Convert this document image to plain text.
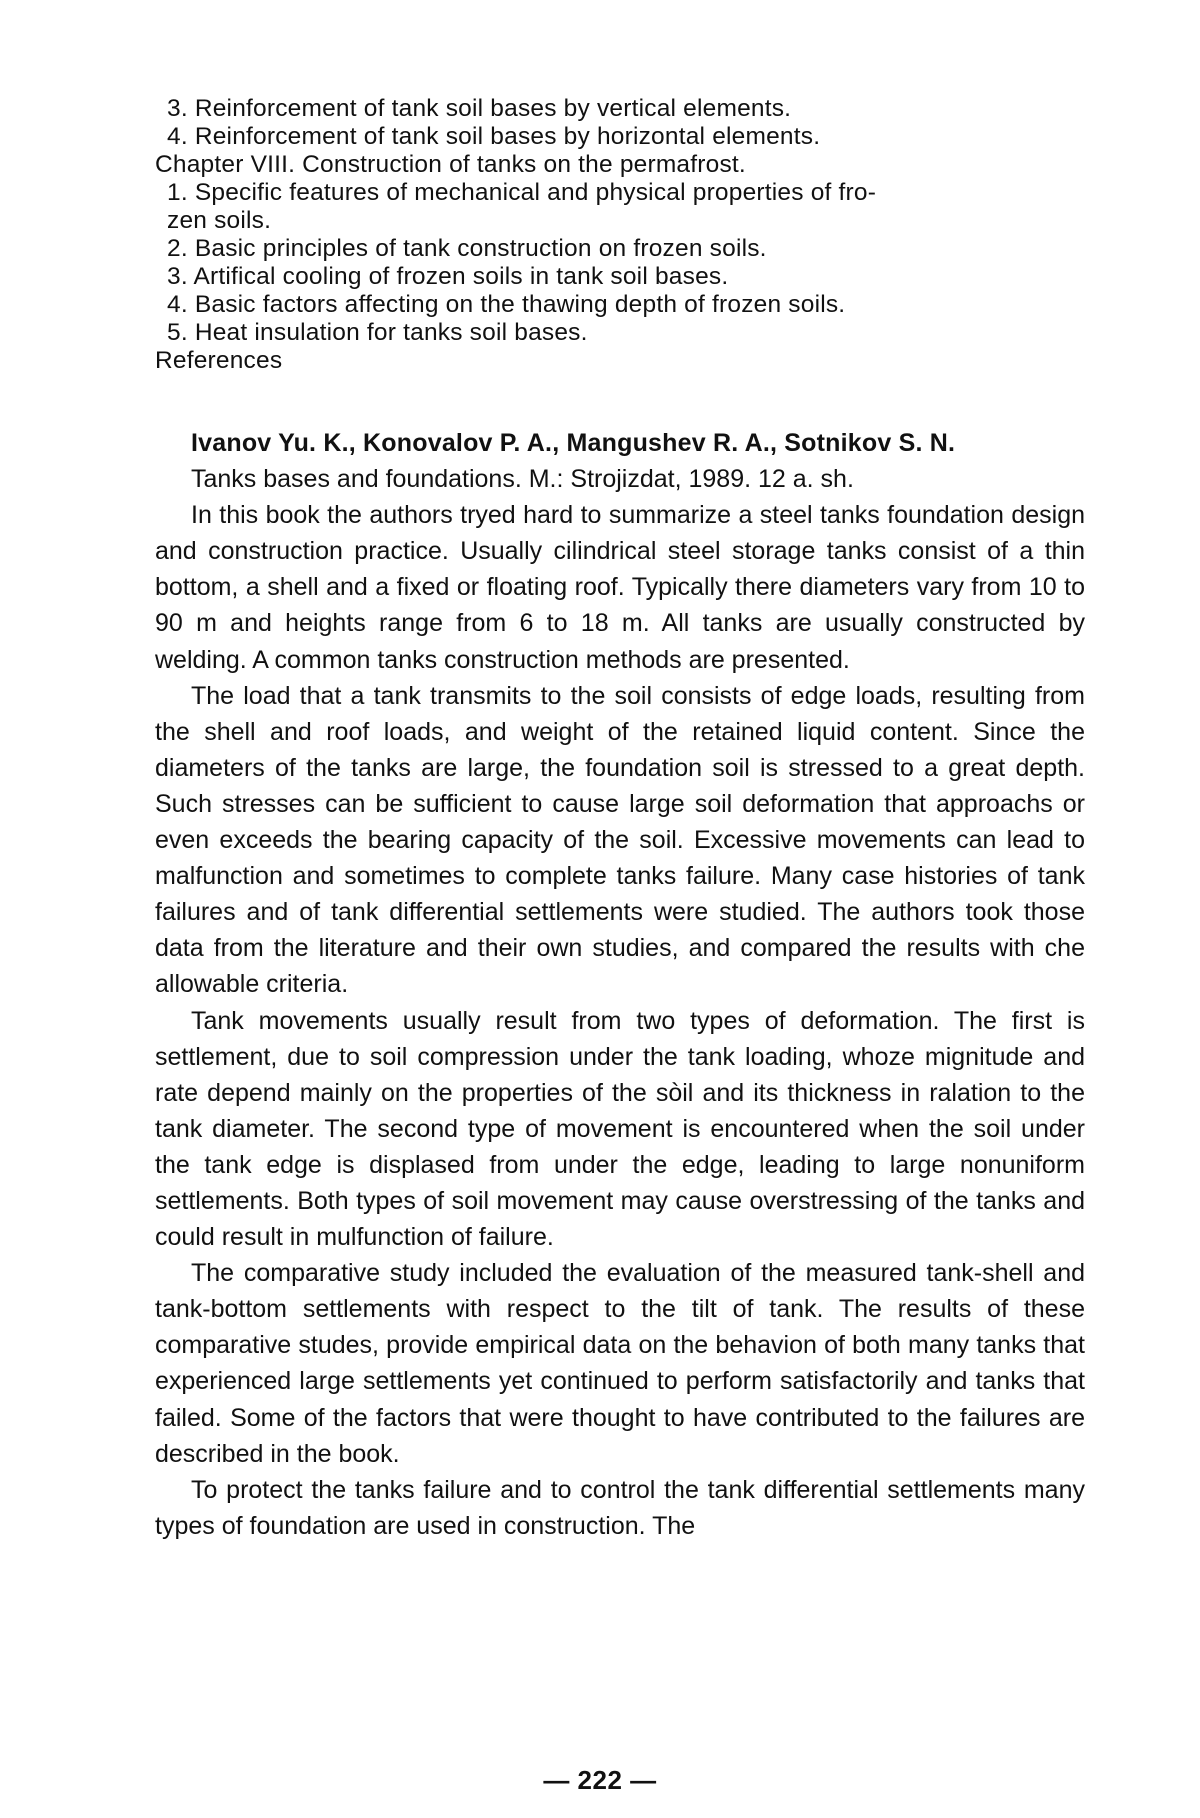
3. Reinforcement of tank soil bases by vertical elements.

4. Reinforcement of tank soil bases by horizontal elements.

Chapter VIII. Construction of tanks on the permafrost.

1. Specific features of mechanical and physical properties of fro-

zen soils.

2. Basic principles of tank construction on frozen soils.

3. Artifical cooling of frozen soils in tank soil bases.

4. Basic factors affecting on the thawing depth of frozen soils.

5. Heat insulation for tanks soil bases.

References

Ivanov Yu. K., Konovalov P. A., Mangushev R. A., Sotnikov S. N.

Tanks bases and foundations. M.: Strojizdat, 1989. 12 a. sh.

In this book the authors tryed hard to summarize a steel tanks foundation design and construction practice. Usually cilindrical steel storage tanks consist of a thin bottom, a shell and a fixed or floating roof. Typically there diameters vary from 10 to 90 m and heights range from 6 to 18 m. All tanks are usually constructed by welding. A common tanks construction methods are presented.

The load that a tank transmits to the soil consists of edge loads, resulting from the shell and roof loads, and weight of the retained liquid content. Since the diameters of the tanks are large, the foundation soil is stressed to a great depth. Such stresses can be sufficient to cause large soil deformation that approachs or even exceeds the bearing capacity of the soil. Excessive movements can lead to malfunction and sometimes to complete tanks failure. Many case histories of tank failures and of tank differential settlements were studied. The authors took those data from the literature and their own studies, and compared the results with che allowable criteria.

Tank movements usually result from two types of deformation. The first is settlement, due to soil compression under the tank loading, whoze mignitude and rate depend mainly on the properties of the sòil and its thickness in ralation to the tank diameter. The second type of movement is encountered when the soil under the tank edge is displased from under the edge, leading to large nonuniform settlements. Both types of soil movement may cause overstressing of the tanks and could result in mulfunction of failure.

The comparative study included the evaluation of the measured tank-shell and tank-bottom settlements with respect to the tilt of tank. The results of these comparative studes, provide empirical data on the behavion of both many tanks that experienced large settlements yet continued to perform satisfactorily and tanks that failed. Some of the factors that were thought to have contributed to the failures are described in the book.

To protect the tanks failure and to control the tank differential settlements many types of foundation are used in construction. The

— 222 —
